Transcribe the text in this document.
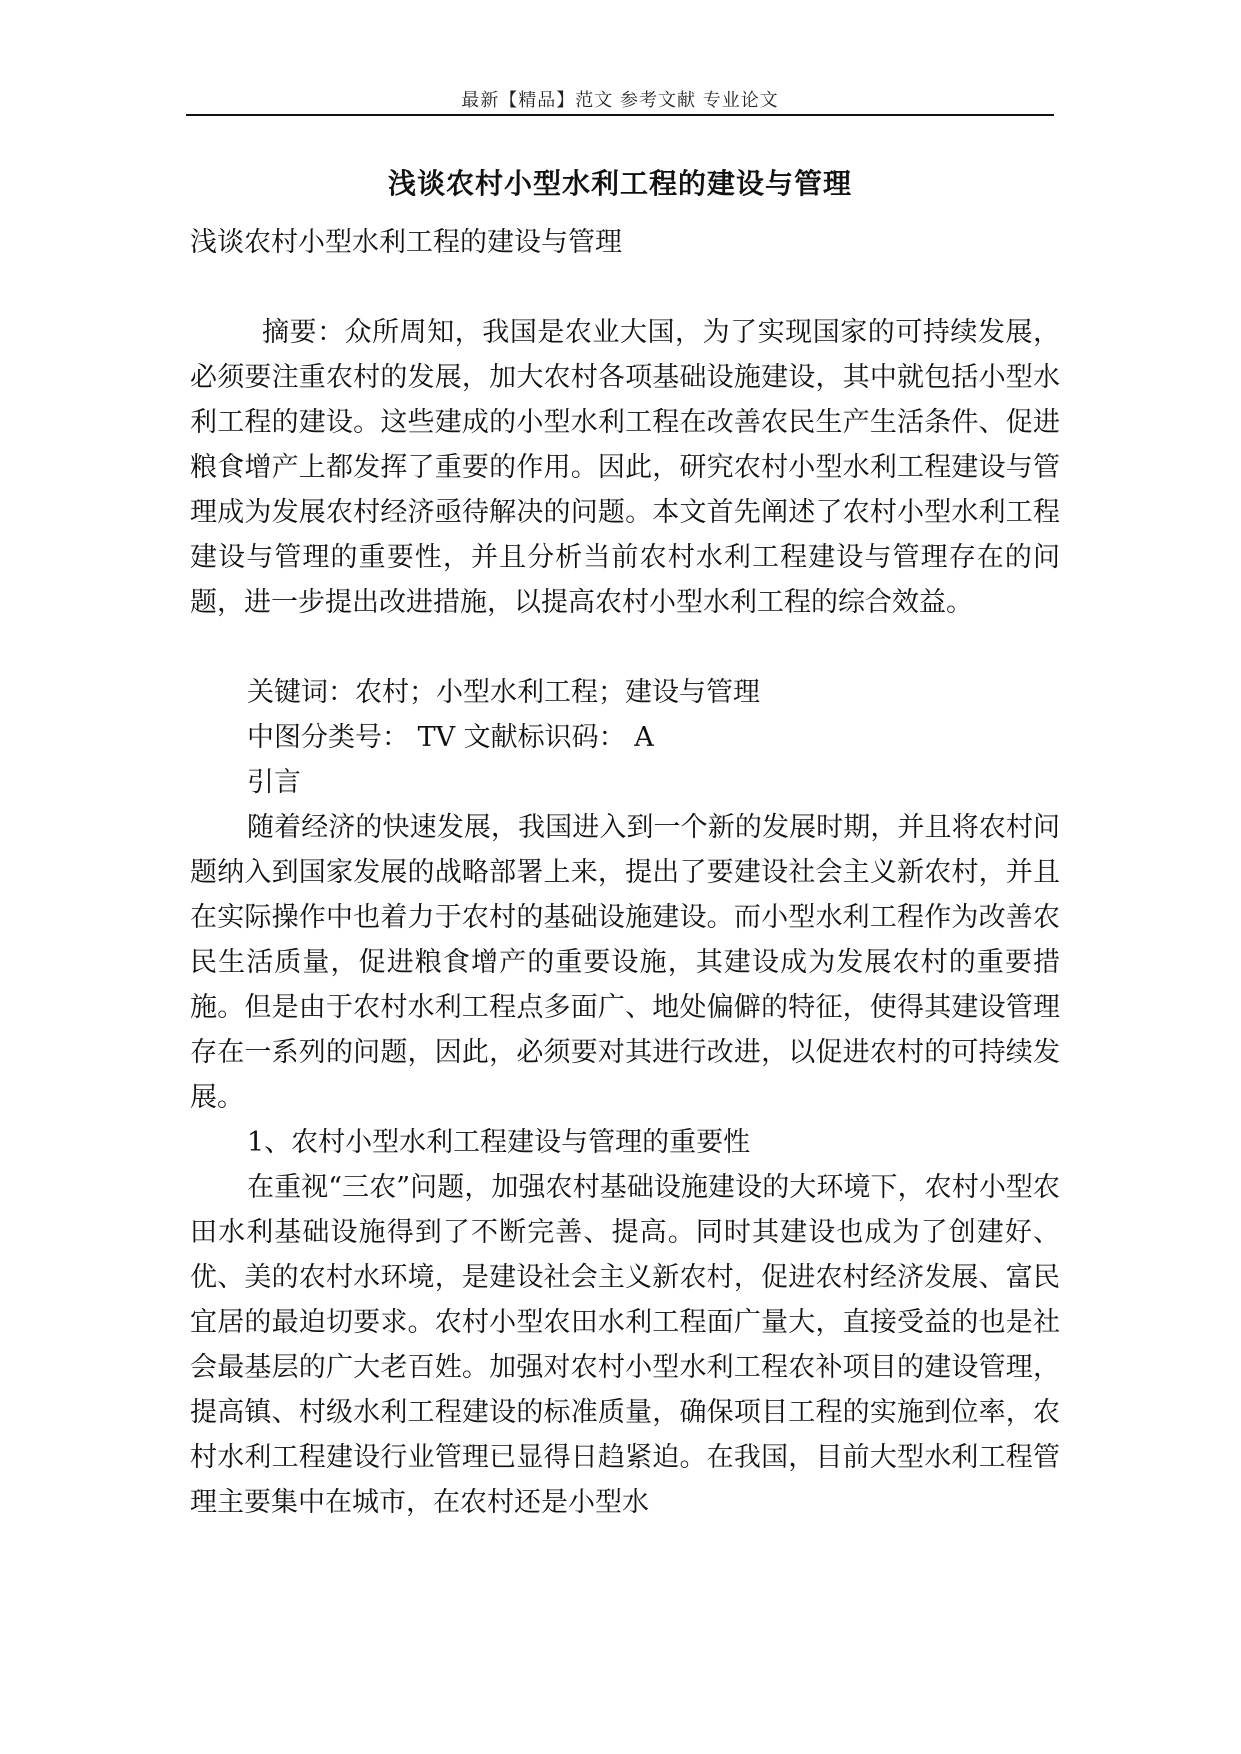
最新【精品】范文 参考文献 专业论文
浅谈农村小型水利工程的建设与管理

浅谈农村小型水利工程的建设与管理

摘要：众所周知，我国是农业大国，为了实现国家的可持续发展，必须要注重农村的发展，加大农村各项基础设施建设，其中就包括小型水利工程的建设。这些建成的小型水利工程在改善农民生产生活条件、促进粮食增产上都发挥了重要的作用。因此，研究农村小型水利工程建设与管理成为发展农村经济亟待解决的问题。本文首先阐述了农村小型水利工程建设与管理的重要性，并且分析当前农村水利工程建设与管理存在的问题，进一步提出改进措施，以提高农村小型水利工程的综合效益。

关键词：农村；小型水利工程；建设与管理

中图分类号： TV 文献标识码： A

引言

随着经济的快速发展，我国进入到一个新的发展时期，并且将农村问题纳入到国家发展的战略部署上来，提出了要建设社会主义新农村，并且在实际操作中也着力于农村的基础设施建设。而小型水利工程作为改善农民生活质量，促进粮食增产的重要设施，其建设成为发展农村的重要措施。但是由于农村水利工程点多面广、地处偏僻的特征，使得其建设管理存在一系列的问题，因此，必须要对其进行改进，以促进农村的可持续发展。

1、农村小型水利工程建设与管理的重要性

在重视“三农”问题，加强农村基础设施建设的大环境下，农村小型农田水利基础设施得到了不断完善、提高。同时其建设也成为了创建好、优、美的农村水环境，是建设社会主义新农村，促进农村经济发展、富民宜居的最迫切要求。农村小型农田水利工程面广量大，直接受益的也是社会最基层的广大老百姓。加强对农村小型水利工程农补项目的建设管理，提高镇、村级水利工程建设的标准质量，确保项目工程的实施到位率，农村水利工程建设行业管理已显得日趋紧迫。在我国，目前大型水利工程管理主要集中在城市，在农村还是小型水
